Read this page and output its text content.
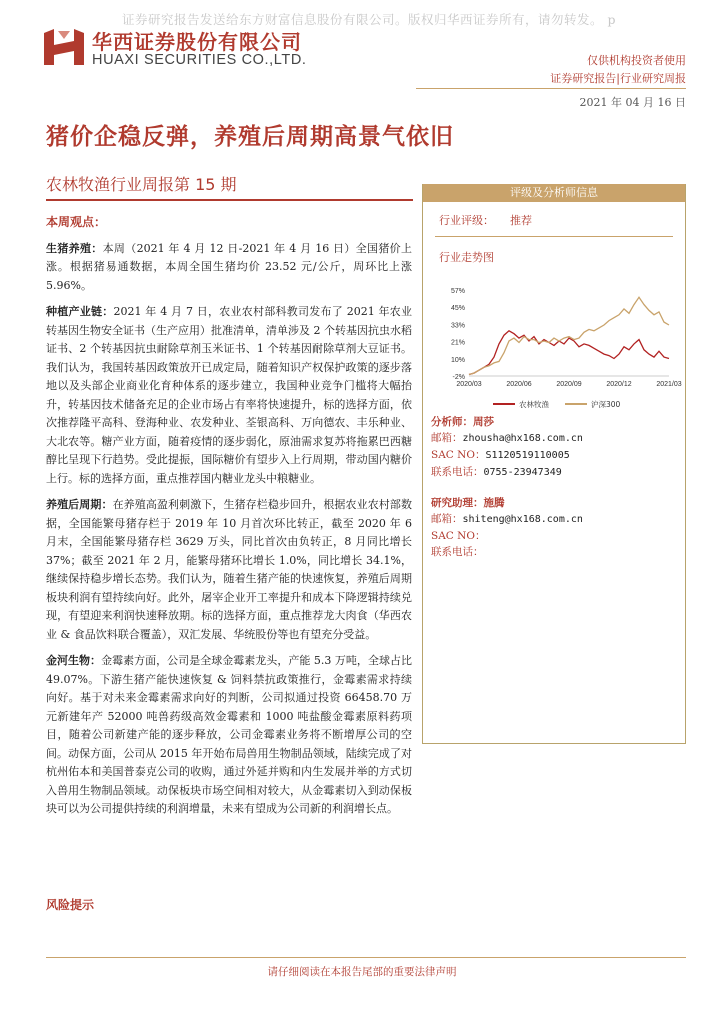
证券研究报告发送给东方财富信息股份有限公司。版权归华西证券所有，请勿转发。 p
华西证券股份有限公司
HUAXI SECURITIES CO.,LTD.	仅供机构投资者使用
证券研究报告|行业研究周报
2021 年 04 月 16 日
猪价企稳反弹，养殖后周期高景气依旧
农林牧渔行业周报第 15 期
本周观点：

生猪养殖：本周（2021 年 4 月 12 日-2021 年 4 月 16 日）全国猪价上涨。根据猪易通数据，本周全国生猪均价 23.52 元/公斤，周环比上涨 5.96%。

种植产业链：2021 年 4 月 7 日，农业农村部科教司发布了 2021 年农业转基因生物安全证书（生产应用）批准清单，清单涉及 2 个转基因抗虫水稻证书、2 个转基因抗虫耐除草剂玉米证书、1 个转基因耐除草剂大豆证书。我们认为，我国转基因政策放开已成定局，随着知识产权保护政策的逐步落地以及头部企业商业化育种体系的逐步建立，我国种业竞争门槛将大幅抬升，转基因技术储备充足的企业市场占有率将快速提升，标的选择方面，依次推荐隆平高科、登海种业、农发种业、荃银高科、万向德农、丰乐种业、大北农等。糖产业方面，随着疫情的逐步弱化，原油需求复苏将拖累巴西糖醇比呈现下行趋势。受此提振，国际糖价有望步入上行周期，带动国内糖价上行。标的选择方面，重点推荐国内糖业龙头中粮糖业。

养殖后周期：在养殖高盈利刺激下，生猪存栏稳步回升，根据农业农村部数据，全国能繁母猪存栏于 2019 年 10 月首次环比转正，截至 2020 年 6 月末，全国能繁母猪存栏 3629 万头，同比首次由负转正，8 月同比增长 37%；截至 2021 年 2 月，能繁母猪环比增长 1.0%，同比增长 34.1%，继续保持稳步增长态势。我们认为，随着生猪产能的快速恢复，养殖后周期板块利润有望持续向好。此外，屠宰企业开工率提升和成本下降逻辑持续兑现，有望迎来利润快速释放期。标的选择方面，重点推荐龙大肉食（华西农业 & 食品饮料联合覆盖），双汇发展、华统股份等也有望充分受益。

金河生物：金霉素方面，公司是全球金霉素龙头，产能 5.3 万吨，全球占比 49.07%。下游生猪产能快速恢复 & 饲料禁抗政策推行，金霉素需求持续向好。基于对未来金霉素需求向好的判断，公司拟通过投资 66458.70 万元新建年产 52000 吨兽药级高效金霉素和 1000 吨盐酸金霉素原料药项目，随着公司新建产能的逐步释放，公司金霉素业务将不断增厚公司的空间。动保方面，公司从 2015 年开始布局兽用生物制品领域，陆续完成了对杭州佑本和美国普泰克公司的收购，通过外延并购和内生发展并举的方式切入兽用生物制品领域。动保板块市场空间相对较大，从金霉素切入到动保板块可以为公司提供持续的利润增量，未来有望成为公司新的利润增长点。

风险提示
评级及分析师信息
行业评级： 推荐
行业走势图
-2%
10%
21%
33%
45%
57%
2020/03	2020/06	2020/09	2020/12	2021/03
农林牧渔	沪深300
分析师：周莎
邮箱：zhousha@hx168.com.cn
SAC NO：S1120519110005
联系电话：0755-23947349
研究助理：施腾
邮箱：shiteng@hx168.com.cn
SAC NO：
联系电话：
请仔细阅读在本报告尾部的重要法律声明
